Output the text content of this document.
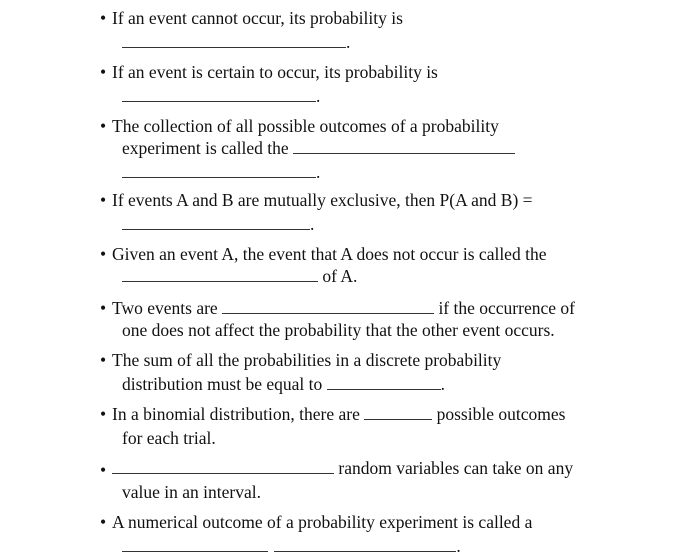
• If an event cannot occur, its probability is
.
• If an event is certain to occur, its probability is
.
• The collection of all possible outcomes of a probability
experiment is called the
.
• If events A and B are mutually exclusive, then P(A and B) =
.
• Given an event A, the event that A does not occur is called the
of A.
• Two events are	if the occurrence of
one does not affect the probability that the other event occurs.
• The sum of all the probabilities in a discrete probability
distribution must be equal to	.
• In a binomial distribution, there are	possible outcomes
for each trial.
•	random variables can take on any
value in an interval.
• A numerical outcome of a probability experiment is called a
.
